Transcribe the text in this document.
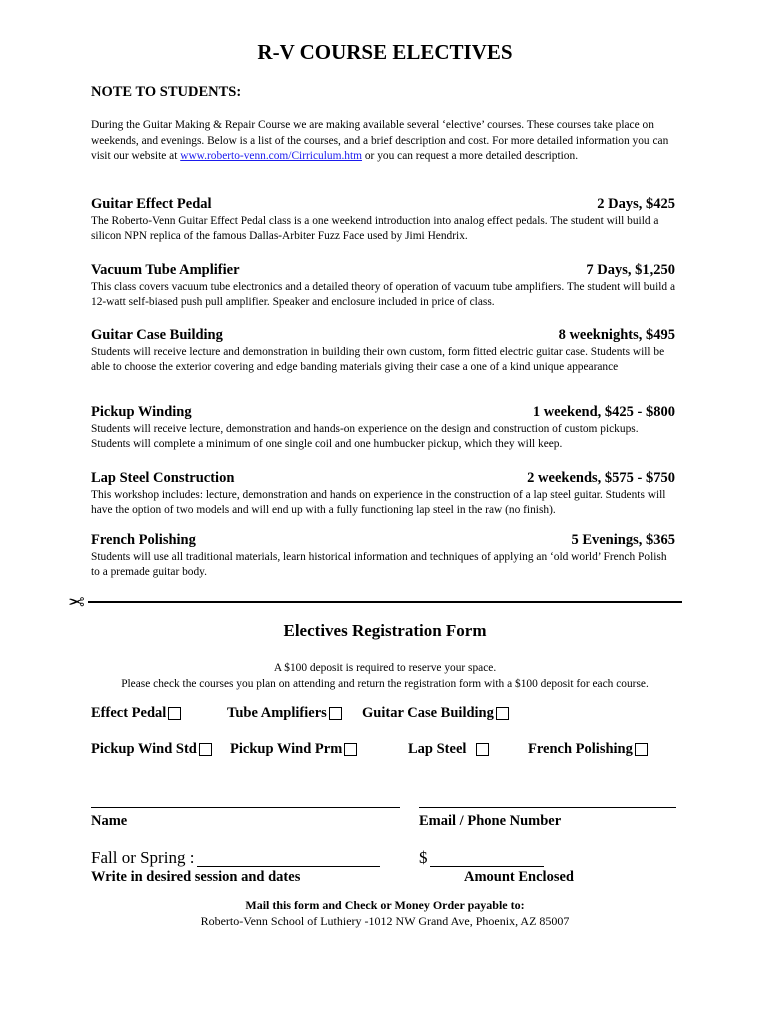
R-V COURSE ELECTIVES
NOTE TO STUDENTS:
During the Guitar Making & Repair Course we are making available several ‘elective’ courses. These courses take place on weekends, and evenings. Below is a list of the courses, and a brief description and cost. For more detailed information you can visit our website at www.roberto-venn.com/Cirriculum.htm or you can request a more detailed description.
Guitar Effect Pedal	2 Days, $425
The Roberto-Venn Guitar Effect Pedal class is a one weekend introduction into analog effect pedals. The student will build a silicon NPN replica of the famous Dallas-Arbiter Fuzz Face used by Jimi Hendrix.
Vacuum Tube Amplifier	7 Days, $1,250
This class covers vacuum tube electronics and a detailed theory of operation of vacuum tube amplifiers. The student will build a 12-watt self-biased push pull amplifier. Speaker and enclosure included in price of class.
Guitar Case Building	8 weeknights, $495
Students will receive lecture and demonstration in building their own custom, form fitted electric guitar case. Students will be able to choose the exterior covering and edge banding materials giving their case a one of a kind unique appearance
Pickup Winding	1 weekend, $425 - $800
Students will receive lecture, demonstration and hands-on experience on the design and construction of custom pickups. Students will complete a minimum of one single coil and one humbucker pickup, which they will keep.
Lap Steel Construction	2 weekends, $575 - $750
This workshop includes: lecture, demonstration and hands on experience in the construction of a lap steel guitar. Students will have the option of two models and will end up with a fully functioning lap steel in the raw (no finish).
French Polishing	5 Evenings, $365
Students will use all traditional materials, learn historical information and techniques of applying an ‘old world’ French Polish to a premade guitar body.
✂
Electives Registration Form
A $100 deposit is required to reserve your space.
Please check the courses you plan on attending and return the registration form with a $100 deposit for each course.
Effect Pedal	Tube Amplifiers Guitar Case Building
Pickup Wind Std Pickup Wind Prm	Lap Steel	French Polishing
Name	Email / Phone Number
Fall or Spring :	$
Write in desired session and dates	Amount Enclosed
Mail this form and Check or Money Order payable to:
Roberto-Venn School of Luthiery -1012 NW Grand Ave, Phoenix, AZ 85007
